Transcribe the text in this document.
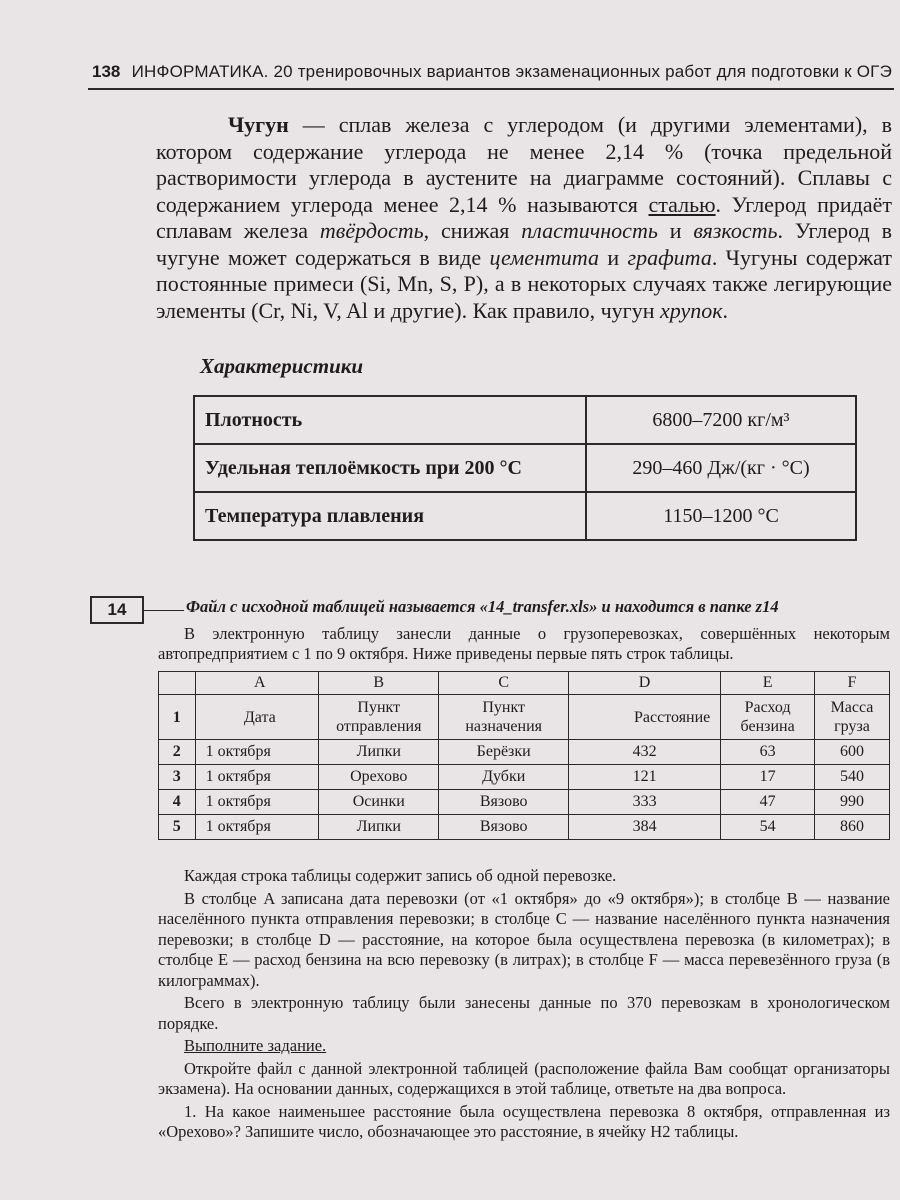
138 ИНФОРМАТИКА. 20 тренировочных вариантов экзаменационных работ для подготовки к ОГЭ

Чугун — сплав железа с углеродом (и другими элементами), в котором содержание углерода не менее 2,14 % (точка предельной растворимости углерода в аустените на диаграмме состояний). Сплавы с содержанием углерода менее 2,14 % называются сталью. Углерод придаёт сплавам железа твёрдость, снижая пластичность и вязкость. Углерод в чугуне может содержаться в виде цементита и графита. Чугуны содержат постоянные примеси (Si, Mn, S, P), а в некоторых случаях также легирующие элементы (Cr, Ni, V, Al и другие). Как правило, чугун хрупок.

Характеристики
Плотность	6800–7200 кг/м³
Удельная теплоёмкость при 200 °С	290–460 Дж/(кг · °С)
Температура плавления	1150–1200 °С
14	Файл с исходной таблицей называется «14_transfer.xls» и находится в папке z14

В электронную таблицу занесли данные о грузоперевозках, совершённых некоторым автопредприятием с 1 по 9 октября. Ниже приведены первые пять строк таблицы.

	A	B	C	D	E	F
1	Дата	Пункт отправления	Пункт назначения	Расстояние	Расход бензина	Масса груза
2	1 октября	Липки	Берёзки	432	63	600
3	1 октября	Орехово	Дубки	121	17	540
4	1 октября	Осинки	Вязово	333	47	990
5	1 октября	Липки	Вязово	384	54	860

Каждая строка таблицы содержит запись об одной перевозке.

В столбце A записана дата перевозки (от «1 октября» до «9 октября»); в столбце B — название населённого пункта отправления перевозки; в столбце C — название населённого пункта назначения перевозки; в столбце D — расстояние, на которое была осуществлена перевозка (в километрах); в столбце E — расход бензина на всю перевозку (в литрах); в столбце F — масса перевезённого груза (в килограммах).

Всего в электронную таблицу были занесены данные по 370 перевозкам в хронологическом порядке.

Выполните задание.

Откройте файл с данной электронной таблицей (расположение файла Вам сообщат организаторы экзамена). На основании данных, содержащихся в этой таблице, ответьте на два вопроса.

1. На какое наименьшее расстояние была осуществлена перевозка 8 октября, отправленная из «Орехово»? Запишите число, обозначающее это расстояние, в ячейку H2 таблицы.
